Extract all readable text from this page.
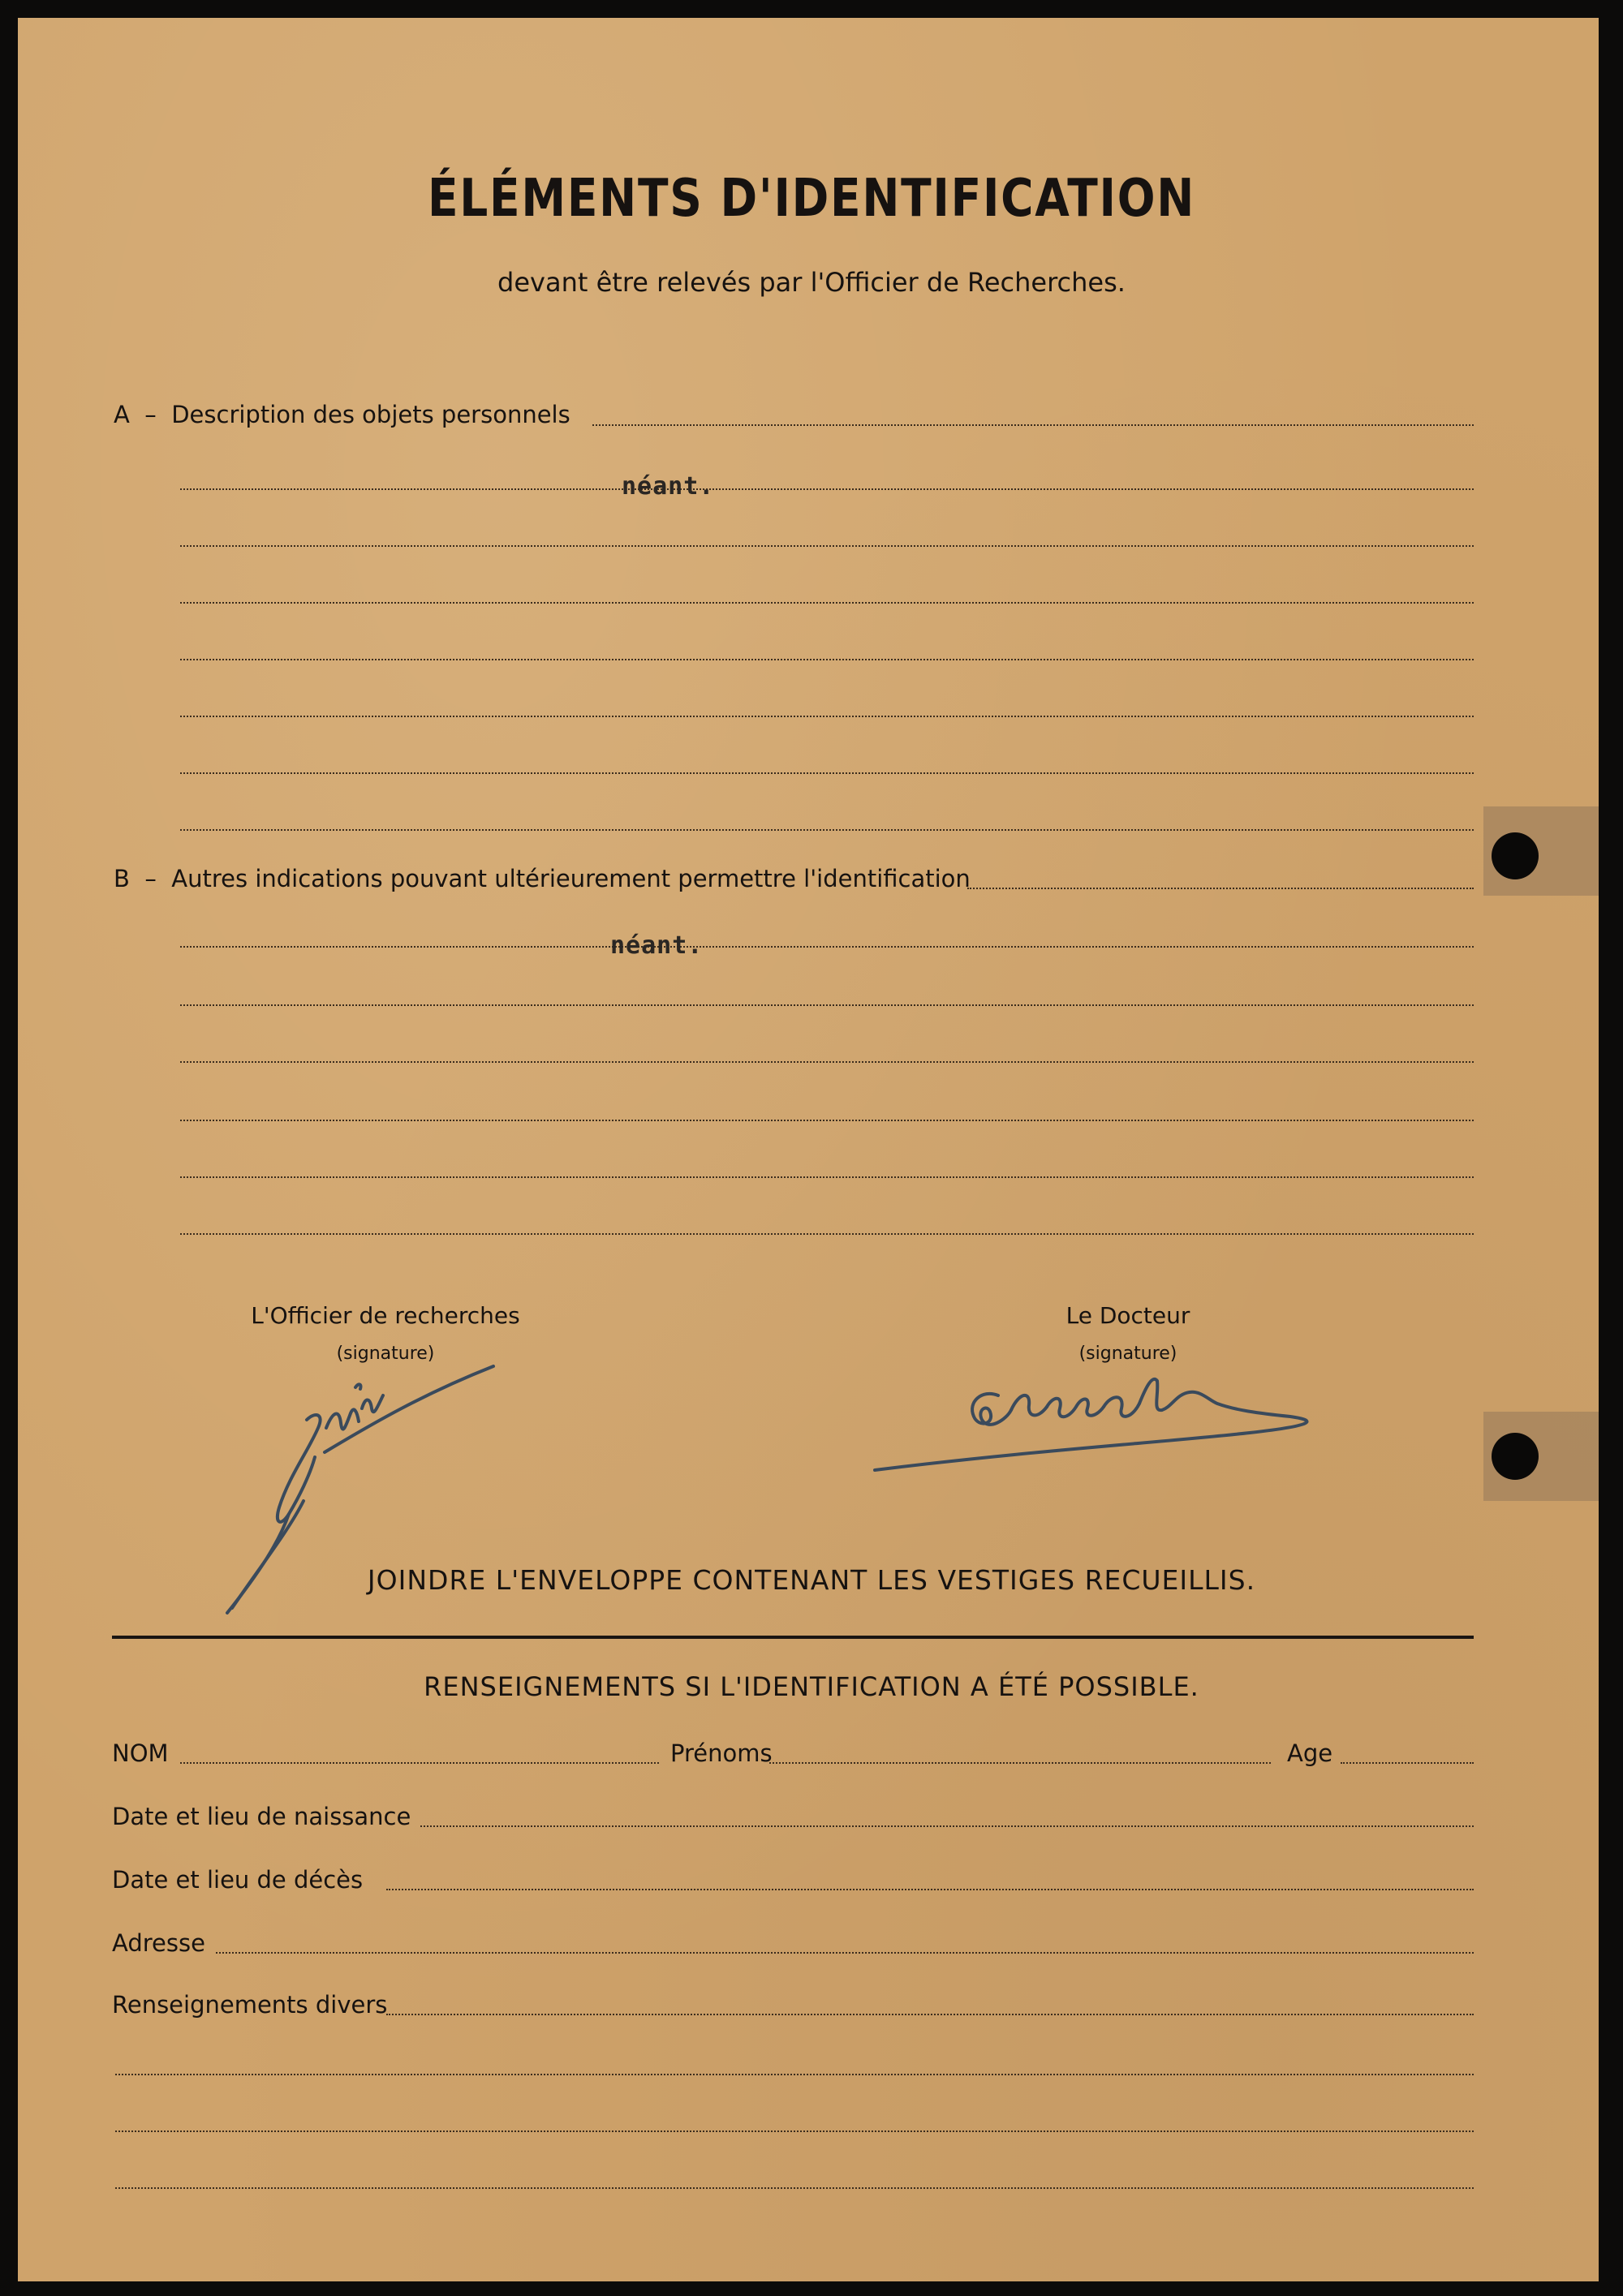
ÉLÉMENTS D'IDENTIFICATION
devant être relevés par l'Officier de Recherches.
A  –  Description des objets personnels
néant.
B  –  Autres indications pouvant ultérieurement permettre l'identification
néant.
L'Officier de recherches
(signature)
Le Docteur
(signature)
JOINDRE L'ENVELOPPE CONTENANT LES VESTIGES RECUEILLIS.
RENSEIGNEMENTS SI L'IDENTIFICATION A ÉTÉ POSSIBLE.
NOM	Prénoms	Age
Date et lieu de naissance
Date et lieu de décès
Adresse
Renseignements divers
